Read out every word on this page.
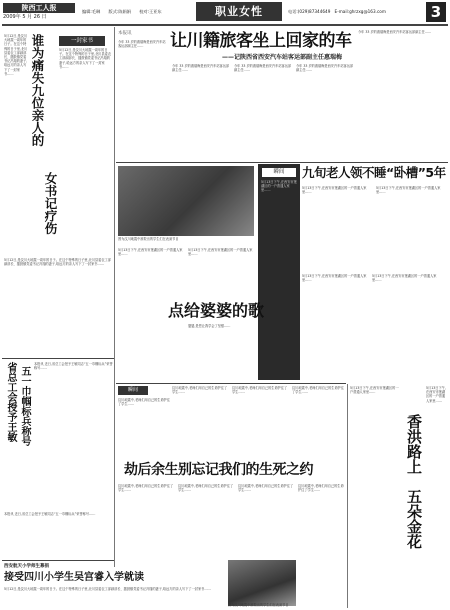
陕西工人报
2009年 5 月 26 日
编辑:毛琳　　版式:陈娟娟　　校对:王亚东	职业女性	电话:(029)87344649　E-mail:ghrzxg@163.com	3
一封家书
谁为痛失九位亲人的
女书记疗伤
5月12日,是汶川大地震一周年的日子。在这个特殊的日子里,北川县委农工部副部长、擂鼓镇党委书记冯翔的妻子,给远方的亲人写下了一封家书……
5月12日,是汶川大地震一周年的日子。在这个特殊的日子里,北川县委农工部副部长、擂鼓镇党委书记冯翔的妻子,给远方的亲人写下了一封家书……
5月12日,是汶川大地震一周年的日子。在这个特殊的日子里,北川县委农工部副部长、擂鼓镇党委书记冯翔的妻子,给远方的亲人写下了一封家书……
本报讯 近日,省总工会授予王敏同志“五一巾帼标兵”荣誉称号……
省总工会授予王敏 五一巾帼标兵称号
本报讯 近日,省总工会授予王敏同志“五一巾帼标兵”荣誉称号……
西安航天小学师生募捐
接受四川小学生吴宫睿入学就读
5月12日,是汶川大地震一周年的日子。在这个特殊的日子里,北川县委农工部副部长、擂鼓镇党委书记冯翔的妻子,给远方的亲人写下了一封家书……
本报讯	让川籍旅客坐上回家的车
——记陕西省西安汽车站客运部副主任惠瑞梅
今年 33 岁的惠瑞梅是西安汽车站客运部副主任……
今年 33 岁的惠瑞梅是西安汽车站客运部副主任……
今年 33 岁的惠瑞梅是西安汽车站客运部副主任……
今年 33 岁的惠瑞梅是西安汽车站客运部副主任……
今年 33 岁的惠瑞梅是西安汽车站客运部副主任……
瞬间
5月13日下午,在西安市莲湖区的一户普通人家里……
九旬老人领不睡“卧槽”5年
图为汶川地震中被救出的学生们在表演节目
5月13日下午,在西安市莲湖区的一户普通人家里……
5月13日下午,在西安市莲湖区的一户普通人家里……
5月13日下午,在西安市莲湖区的一户普通人家里……
5月13日下午,在西安市莲湖区的一户普通人家里……
点给婆婆的歌
婆婆,是您让我学会了坚强……
5月13日下午,在西安市莲湖区的一户普通人家里……
5月13日下午,在西安市莲湖区的一户普通人家里……
瞬间
汶川地震中,老师们用自己的生命护住了学生……
汶川地震中,老师们用自己的生命护住了学生……
汶川地震中,老师们用自己的生命护住了学生……
汶川地震中,老师们用自己的生命护住了学生……
劫后余生别忘记我们的生死之约
汶川地震中,老师们用自己的生命护住了学生……
汶川地震中,老师们用自己的生命护住了学生……
汶川地震中,老师们用自己的生命护住了学生……
汶川地震中,老师们用自己的生命护住了学生……
图为汶川地震中被救出的学生们在表演节目
5月13日下午,在西安市莲湖区的一户普通人家里……
香洪路上　五朵金花
5月13日下午,在西安市莲湖区的一户普通人家里……
